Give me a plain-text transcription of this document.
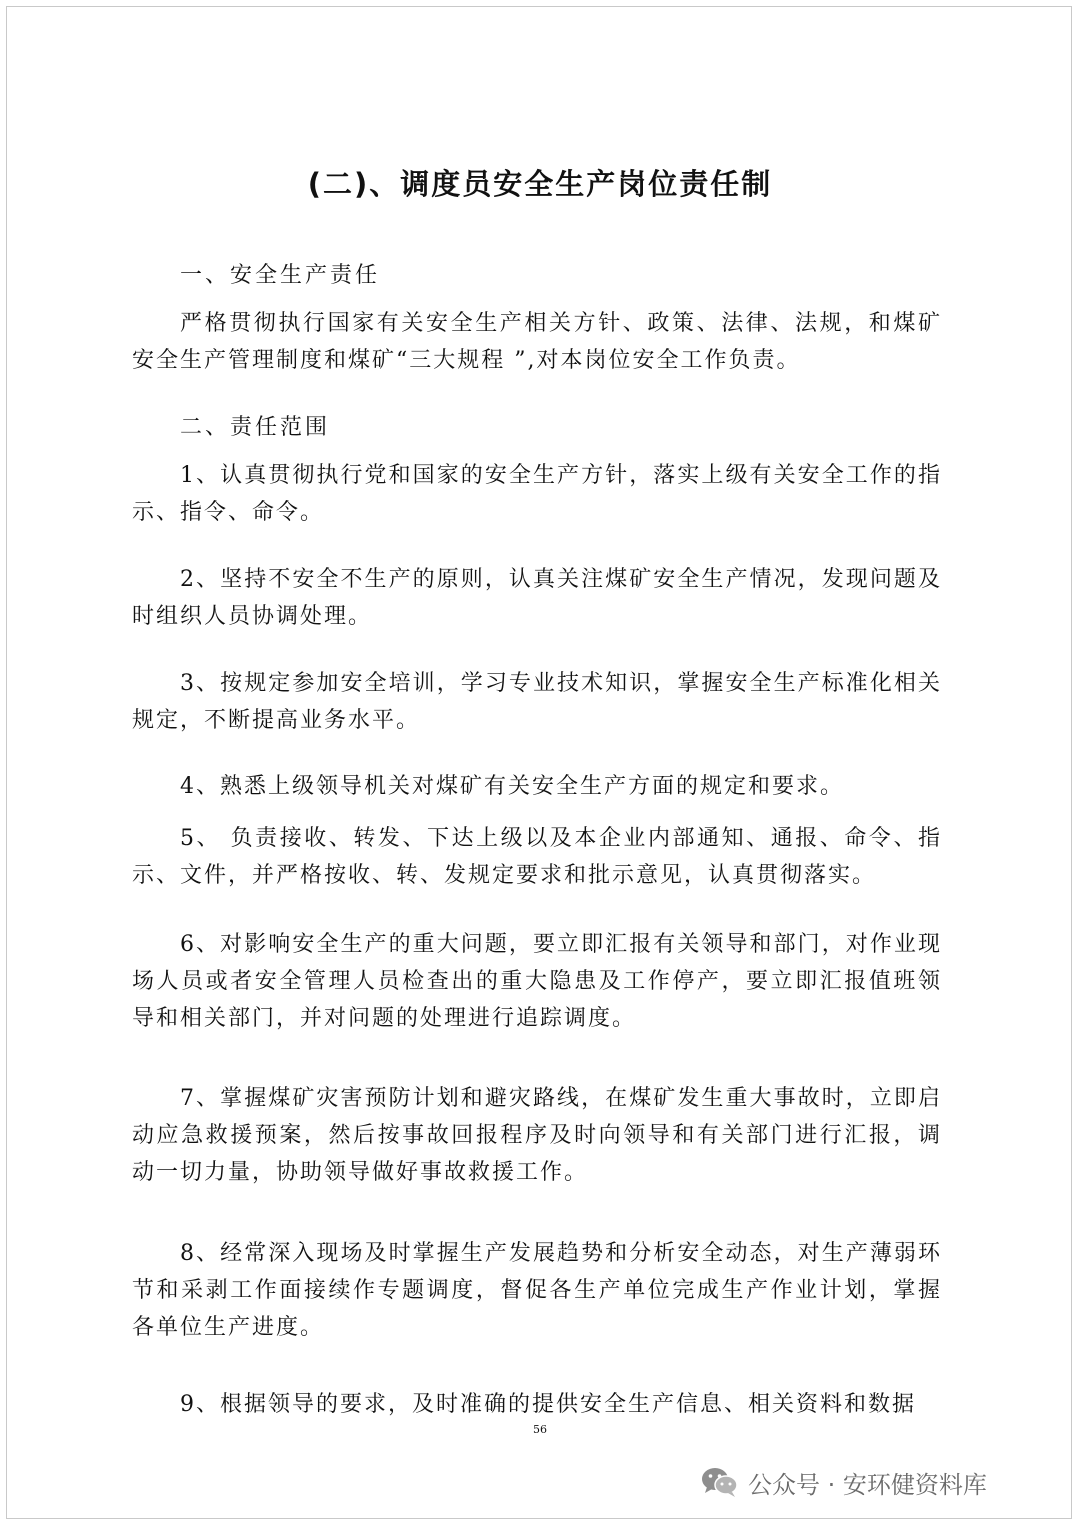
(二)、调度员安全生产岗位责任制
一、安全生产责任
严格贯彻执行国家有关安全生产相关方针、政策、法律、法规，和煤矿安全生产管理制度和煤矿“三大规程 ”,对本岗位安全工作负责。
二、责任范围
1、认真贯彻执行党和国家的安全生产方针，落实上级有关安全工作的指示、指令、命令。
2、坚持不安全不生产的原则，认真关注煤矿安全生产情况，发现问题及时组织人员协调处理。
3、按规定参加安全培训，学习专业技术知识，掌握安全生产标准化相关规定，不断提高业务水平。
4、熟悉上级领导机关对煤矿有关安全生产方面的规定和要求。
5、 负责接收、转发、下达上级以及本企业内部通知、通报、命令、指示、文件，并严格按收、转、发规定要求和批示意见，认真贯彻落实。
6、对影响安全生产的重大问题，要立即汇报有关领导和部门，对作业现场人员或者安全管理人员检查出的重大隐患及工作停产，要立即汇报值班领导和相关部门，并对问题的处理进行追踪调度。
7、掌握煤矿灾害预防计划和避灾路线，在煤矿发生重大事故时，立即启动应急救援预案，然后按事故回报程序及时向领导和有关部门进行汇报，调动一切力量，协助领导做好事故救援工作。
8、经常深入现场及时掌握生产发展趋势和分析安全动态，对生产薄弱环节和采剥工作面接续作专题调度，督促各生产单位完成生产作业计划，掌握各单位生产进度。
9、根据领导的要求，及时准确的提供安全生产信息、相关资料和数据
56
公众号 · 安环健资料库
